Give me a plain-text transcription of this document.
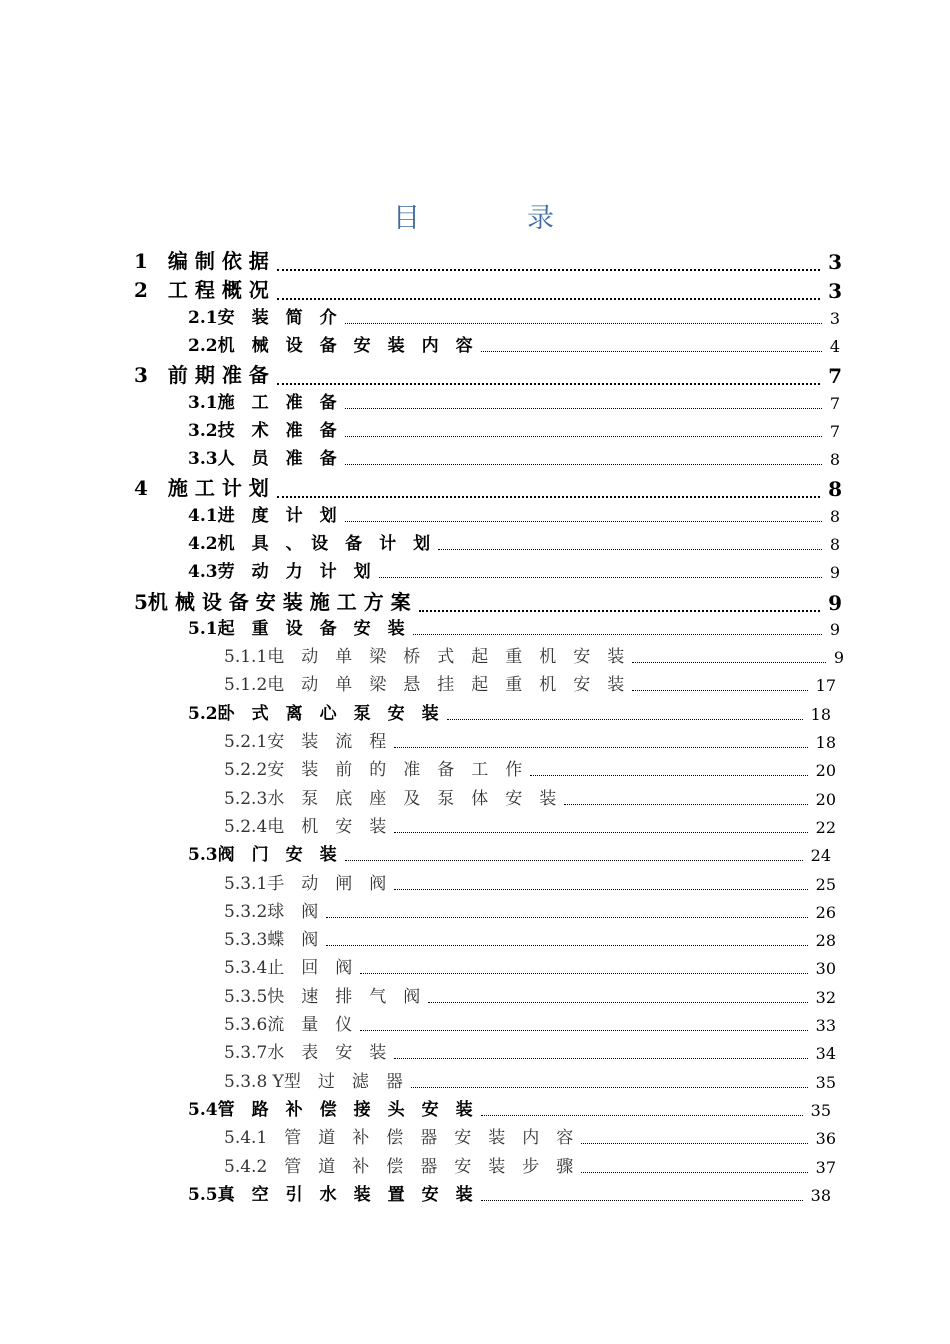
目	录
1　编 制 依 据	3
2　工 程 概 况	3
2.1安　装　简　介	3
2.2机　械　设　备　安　装　内　容	4
3　前 期 准 备	7
3.1施　工　准　备	7
3.2技　术　准　备	7
3.3人　员　准　备	8
4　施 工 计 划	8
4.1进　度　计　划	8
4.2机　具　、　设　备　计　划	8
4.3劳　动　力　计　划	9
5机 械 设 备 安 装 施 工 方 案	9
5.1起　重　设　备　安　装	9
5.1.1电　动　单　梁　桥　式　起　重　机　安　装	9
5.1.2电　动　单　梁　悬　挂　起　重　机　安　装	17
5.2卧　式　离　心　泵　安　装	18
5.2.1安　装　流　程	18
5.2.2安　装　前　的　准　备　工　作	20
5.2.3水　泵　底　座　及　泵　体　安　装	20
5.2.4电　机　安　装	22
5.3阀　门　安　装	24
5.3.1手　动　闸　阀	25
5.3.2球　阀	26
5.3.3蝶　阀	28
5.3.4止　回　阀	30
5.3.5快　速　排　气　阀	32
5.3.6流　量　仪	33
5.3.7水　表　安　装	34
5.3.8 Y型　过　滤　器	35
5.4管　路　补　偿　接　头　安　装	35
5.4.1　管　道　补　偿　器　安　装　内　容	36
5.4.2　管　道　补　偿　器　安　装　步　骤	37
5.5真　空　引　水　装　置　安　装	38
